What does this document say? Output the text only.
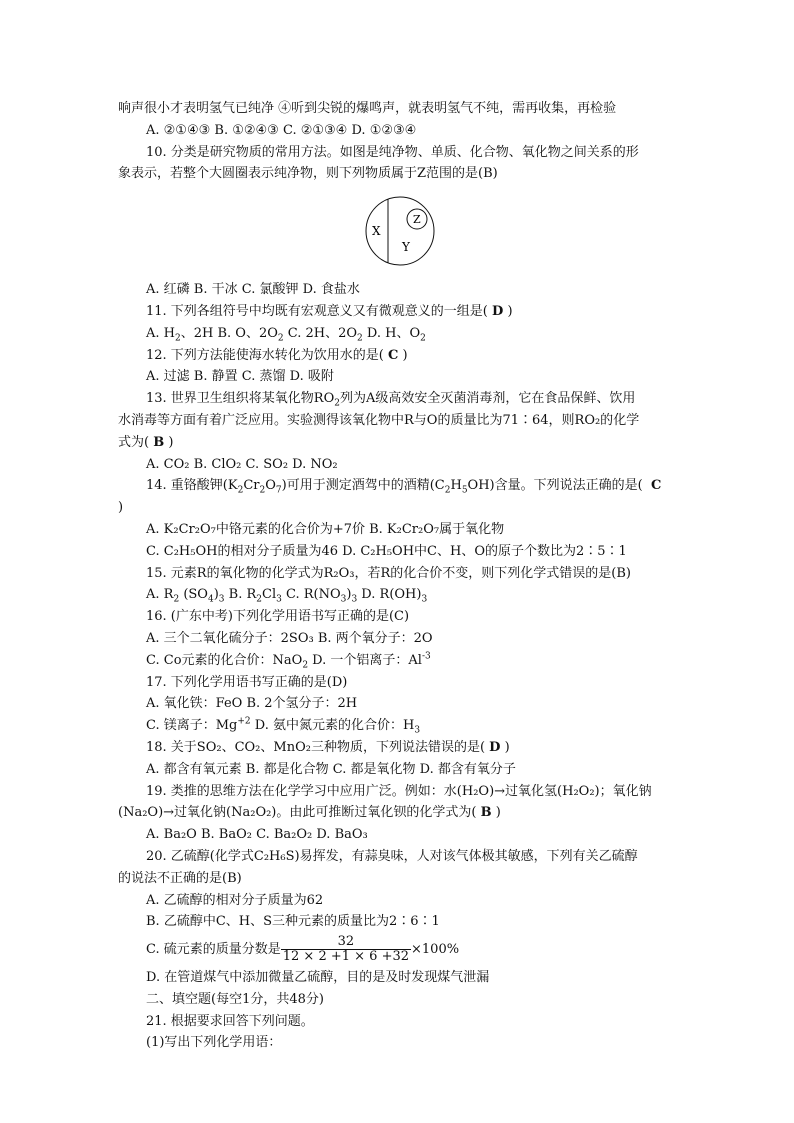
响声很小才表明氢气已纯净 ④听到尖锐的爆鸣声，就表明氢气不纯，需再收集，再检验
A. ②①④③ B. ①②④③ C. ②①③④ D. ①②③④
10. 分类是研究物质的常用方法。如图是纯净物、单质、化合物、氧化物之间关系的形
象表示，若整个大圆圈表示纯净物，则下列物质属于Z范围的是(B)
X
Y
Z
A. 红磷 B. 干冰 C. 氯酸钾 D. 食盐水
11. 下列各组符号中均既有宏观意义又有微观意义的一组是( D )
A. $H_2$、2H B. O、$2O_2$ C. 2H、$2O_2$ D. H、$O_2$
12. 下列方法能使海水转化为饮用水的是( C )
A. 过滤 B. 静置 C. 蒸馏 D. 吸附
13. 世界卫生组织将某氧化物$RO_2$列为A级高效安全灭菌消毒剂，它在食品保鲜、饮用
水消毒等方面有着广泛应用。实验测得该氧化物中R与O的质量比为71∶64，则RO₂的化学
式为( B )
A. CO₂ B. ClO₂ C. SO₂ D. NO₂
14. 重铬酸钾$(K_2Cr_2O_7)$可用于测定酒驾中的酒精$(C_2H_5OH)$含量。下列说法正确的是(  C
)
A. K₂Cr₂O₇中铬元素的化合价为+7价 B. K₂Cr₂O₇属于氧化物
C. C₂H₅OH的相对分子质量为46 D. C₂H₅OH中C、H、O的原子个数比为2∶5∶1
15. 元素R的氧化物的化学式为R₂O₃，若R的化合价不变，则下列化学式错误的是(B)
A. $R_2$ $(SO_4)_3$ B. $R_2Cl_3$ C. $R(NO_3)_3$ D. $R(OH)_3$
16. (广东中考)下列化学用语书写正确的是(C)
A. 三个二氧化硫分子：2SO₃ B. 两个氧分子：2O
C. Co元素的化合价：NaO$_2$ D. 一个铝离子：$Al^{-3}$
17. 下列化学用语书写正确的是(D)
A. 氧化铁：FeO B. 2个氢分子：2H
C. 镁离子：$Mg^{+2}$ D. 氨中氮元素的化合价：$H_3$
18. 关于SO₂、CO₂、MnO₂三种物质，下列说法错误的是( D )
A. 都含有氧元素 B. 都是化合物 C. 都是氧化物 D. 都含有氧分子
19. 类推的思维方法在化学学习中应用广泛。例如：水(H₂O)→过氧化氢(H₂O₂)；氧化钠
(Na₂O)→过氧化钠(Na₂O₂)。由此可推断过氧化钡的化学式为( B )
A. Ba₂O B. BaO₂ C. Ba₂O₂ D. BaO₃
20. 乙硫醇(化学式C₂H₆S)易挥发，有蒜臭味，人对该气体极其敏感，下列有关乙硫醇
的说法不正确的是(B)
A. 乙硫醇的相对分子质量为62
B. 乙硫醇中C、H、S三种元素的质量比为2∶6∶1
C. 硫元素的质量分数是 $\frac{32}{12 \times 2 +1 \times 6 +32} \times 100\%$
D. 在管道煤气中添加微量乙硫醇，目的是及时发现煤气泄漏
二、填空题(每空1分，共48分)
21. 根据要求回答下列问题。
(1)写出下列化学用语：
